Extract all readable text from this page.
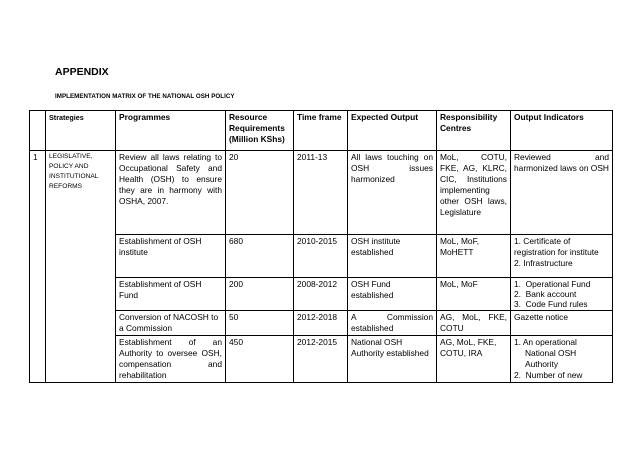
APPENDIX
IMPLEMENTATION MATRIX OF THE NATIONAL OSH POLICY
	Strategies	Programmes	Resource Requirements (Million KShs)	Time frame	Expected Output	Responsibility Centres	Output Indicators
1	LEGISLATIVE, POLICY AND INSTITUTIONAL REFORMS	Review all laws relating to Occupational Safety and Health (OSH) to ensure they are in harmony with OSHA, 2007.	20	2011-13	All laws touching on OSH issues harmonized	MoL, COTU, FKE, AG, KLRC, CIC, Institutions implementing other OSH laws, Legislature	Reviewed and harmonized laws on OSH

		Establishment of OSH institute	680	2010-2015	OSH institute established	MoL, MoF, MoHETT	1. Certificate of registration for institute
2. Infrastructure

		Establishment of OSH Fund	200	2008-2012	OSH Fund established	MoL, MoF	1.  Operational Fund
2.  Bank account
3.  Code Fund rules

		Conversion of NACOSH to a Commission	50	2012-2018	A Commission established	AG, MoL, FKE, COTU	Gazette notice

		Establishment of an Authority to oversee OSH, compensation and rehabilitation	450	2012-2015	National OSH Authority established	AG, MoL, FKE, COTU, IRA	1. An operational National OSH Authority
2.  Number of new
